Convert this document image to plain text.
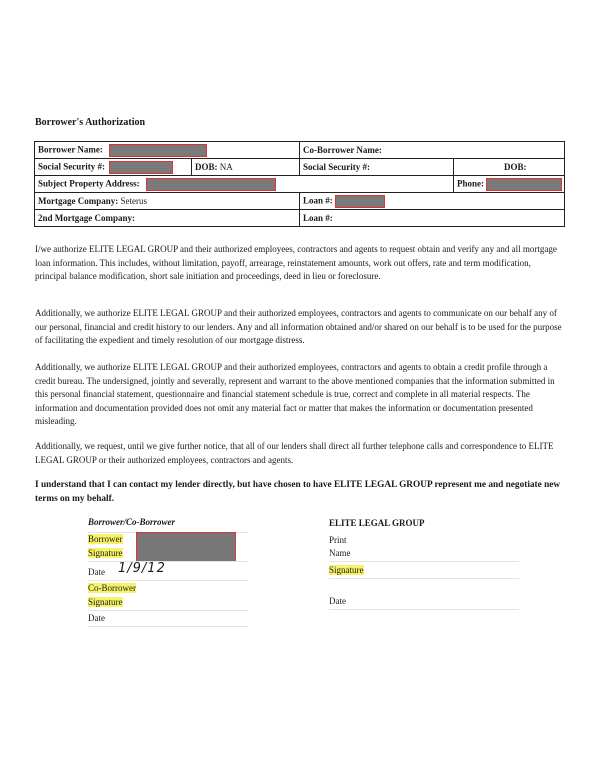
Borrower's Authorization
Borrower Name:		Co-Borrower Name:	
Social Security #:	DOB: NA	Social Security #:	DOB:
Subject Property Address:			Phone:
Mortgage Company: Seterus		Loan #:	
2nd Mortgage Company:		Loan #:	
I/we authorize ELITE LEGAL GROUP and their authorized employees, contractors and agents to request obtain and verify any and all mortgage loan information. This includes, without limitation, payoff, arrearage, reinstatement amounts, work out offers, rate and term modification, principal balance modification, short sale initiation and proceedings, deed in lieu or foreclosure.
Additionally, we authorize ELITE LEGAL GROUP and their authorized employees, contractors and agents to communicate on our behalf any of our personal, financial and credit history to our lenders. Any and all information obtained and/or shared on our behalf is to be used for the purpose of facilitating the expedient and timely resolution of our mortgage distress.
Additionally, we authorize ELITE LEGAL GROUP and their authorized employees, contractors and agents to obtain a credit profile through a credit bureau. The undersigned, jointly and severally, represent and warrant to the above mentioned companies that the information submitted in this personal financial statement, questionnaire and financial statement schedule is true, correct and complete in all material respects. The information and documentation provided does not omit any material fact or matter that makes the information or documentation presented misleading.
Additionally, we request, until we give further notice, that all of our lenders shall direct all further telephone calls and correspondence to ELITE LEGAL GROUP or their authorized employees, contractors and agents.
I understand that I can contact my lender directly, but have chosen to have ELITE LEGAL GROUP represent me and negotiate new terms on my behalf.
Borrower/Co-Borrower
Borrower
Signature
Date 1/9/12
Co-Borrower
Signature
Date
ELITE LEGAL GROUP
Print
Name
Signature
Date
